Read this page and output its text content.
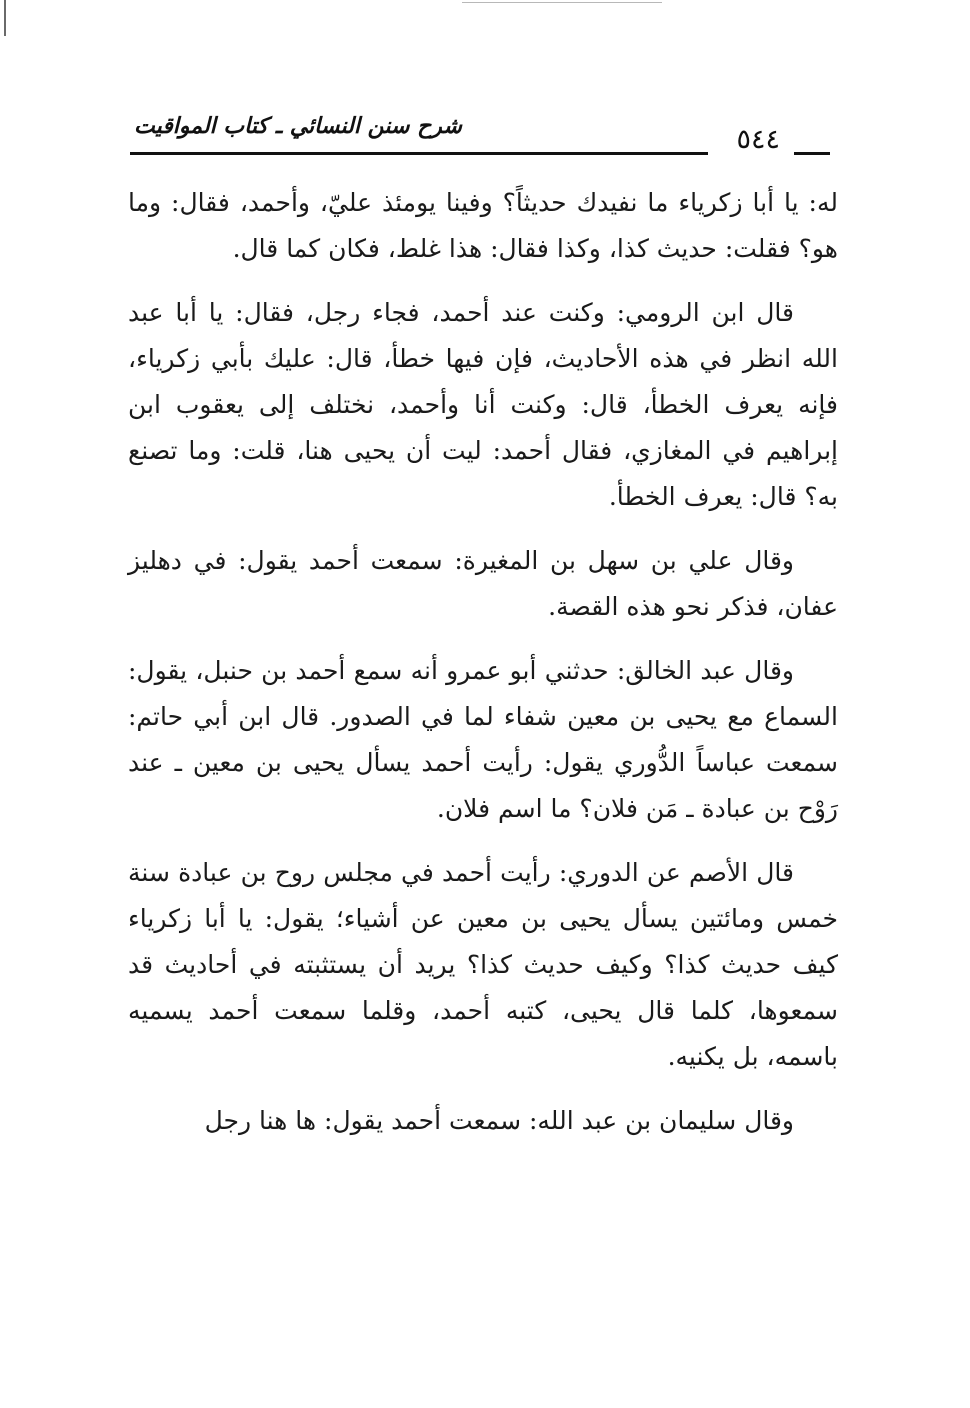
٥٤٤
شرح سنن النسائي ـ كتاب المواقيت

له: يا أبا زكرياء ما نفيدك حديثاً؟ وفينا يومئذ عليّ، وأحمد، فقال: وما هو؟ فقلت: حديث كذا، وكذا فقال: هذا غلط، فكان كما قال.

قال ابن الرومي: وكنت عند أحمد، فجاء رجل، فقال: يا أبا عبد الله انظر في هذه الأحاديث، فإن فيها خطأ، قال: عليك بأبي زكرياء، فإنه يعرف الخطأ، قال: وكنت أنا وأحمد، نختلف إلى يعقوب ابن إبراهيم في المغازي، فقال أحمد: ليت أن يحيى هنا، قلت: وما تصنع به؟ قال: يعرف الخطأ.

وقال علي بن سهل بن المغيرة: سمعت أحمد يقول: في دهليز عفان، فذكر نحو هذه القصة.

وقال عبد الخالق: حدثني أبو عمرو أنه سمع أحمد بن حنبل، يقول: السماع مع يحيى بن معين شفاء لما في الصدور. قال ابن أبي حاتم: سمعت عباساً الدُّوري يقول: رأيت أحمد يسأل يحيى بن معين ـ عند رَوْح بن عبادة ـ مَن فلان؟ ما اسم فلان.

قال الأصم عن الدوري: رأيت أحمد في مجلس روح بن عبادة سنة خمس ومائتين يسأل يحيى بن معين عن أشياء؛ يقول: يا أبا زكرياء كيف حديث كذا؟ وكيف حديث كذا؟ يريد أن يستثبته في أحاديث قد سمعوها، كلما قال يحيى، كتبه أحمد، وقلما سمعت أحمد يسميه باسمه، بل يكنيه.

وقال سليمان بن عبد الله: سمعت أحمد يقول: ها هنا رجل
